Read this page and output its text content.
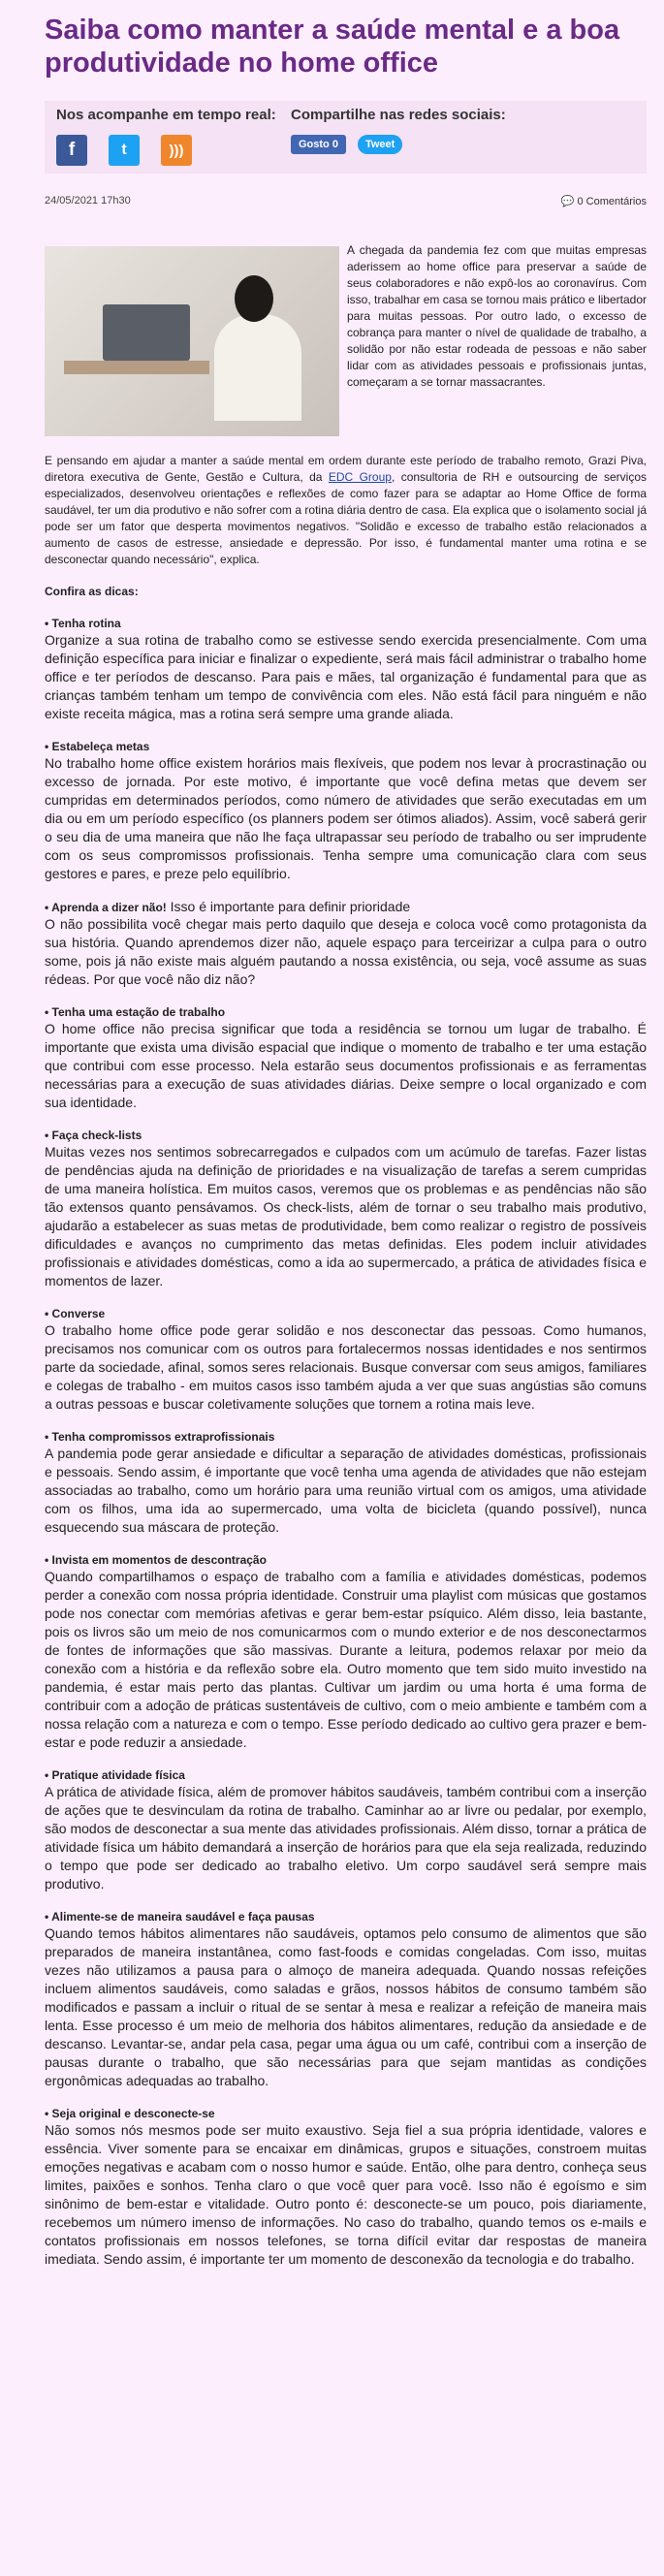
Saiba como manter a saúde mental e a boa produtividade no home office
Nos acompanhe em tempo real:
f	t	)))
Compartilhe nas redes sociais:
Gosto 0	Tweet
24/05/2021 17h30	💬 0 Comentários

A chegada da pandemia fez com que muitas empresas aderissem ao home office para preservar a saúde de seus colaboradores e não expô-los ao coronavírus. Com isso, trabalhar em casa se tornou mais prático e libertador para muitas pessoas. Por outro lado, o excesso de cobrança para manter o nível de qualidade de trabalho, a solidão por não estar rodeada de pessoas e não saber lidar com as atividades pessoais e profissionais juntas, começaram a se tornar massacrantes.

E pensando em ajudar a manter a saúde mental em ordem durante este período de trabalho remoto, Grazi Piva, diretora executiva de Gente, Gestão e Cultura, da EDC Group, consultoria de RH e outsourcing de serviços especializados, desenvolveu orientações e reflexões de como fazer para se adaptar ao Home Office de forma saudável, ter um dia produtivo e não sofrer com a rotina diária dentro de casa. Ela explica que o isolamento social já pode ser um fator que desperta movimentos negativos. "Solidão e excesso de trabalho estão relacionados a aumento de casos de estresse, ansiedade e depressão. Por isso, é fundamental manter uma rotina e se desconectar quando necessário", explica.

Confira as dicas:

• Tenha rotina
Organize a sua rotina de trabalho como se estivesse sendo exercida presencialmente. Com uma definição específica para iniciar e finalizar o expediente, será mais fácil administrar o trabalho home office e ter períodos de descanso. Para pais e mães, tal organização é fundamental para que as crianças também tenham um tempo de convivência com eles. Não está fácil para ninguém e não existe receita mágica, mas a rotina será sempre uma grande aliada.
• Estabeleça metas
No trabalho home office existem horários mais flexíveis, que podem nos levar à procrastinação ou excesso de jornada. Por este motivo, é importante que você defina metas que devem ser cumpridas em determinados períodos, como número de atividades que serão executadas em um dia ou em um período específico (os planners podem ser ótimos aliados). Assim, você saberá gerir o seu dia de uma maneira que não lhe faça ultrapassar seu período de trabalho ou ser imprudente com os seus compromissos profissionais. Tenha sempre uma comunicação clara com seus gestores e pares, e preze pelo equilíbrio.
• Aprenda a dizer não! Isso é importante para definir prioridade
O não possibilita você chegar mais perto daquilo que deseja e coloca você como protagonista da sua história. Quando aprendemos dizer não, aquele espaço para terceirizar a culpa para o outro some, pois já não existe mais alguém pautando a nossa existência, ou seja, você assume as suas rédeas. Por que você não diz não?
• Tenha uma estação de trabalho
O home office não precisa significar que toda a residência se tornou um lugar de trabalho. É importante que exista uma divisão espacial que indique o momento de trabalho e ter uma estação que contribui com esse processo. Nela estarão seus documentos profissionais e as ferramentas necessárias para a execução de suas atividades diárias. Deixe sempre o local organizado e com sua identidade.
• Faça check-lists
Muitas vezes nos sentimos sobrecarregados e culpados com um acúmulo de tarefas. Fazer listas de pendências ajuda na definição de prioridades e na visualização de tarefas a serem cumpridas de uma maneira holística. Em muitos casos, veremos que os problemas e as pendências não são tão extensos quanto pensávamos. Os check-lists, além de tornar o seu trabalho mais produtivo, ajudarão a estabelecer as suas metas de produtividade, bem como realizar o registro de possíveis dificuldades e avanços no cumprimento das metas definidas. Eles podem incluir atividades profissionais e atividades domésticas, como a ida ao supermercado, a prática de atividades física e momentos de lazer.
• Converse
O trabalho home office pode gerar solidão e nos desconectar das pessoas. Como humanos, precisamos nos comunicar com os outros para fortalecermos nossas identidades e nos sentirmos parte da sociedade, afinal, somos seres relacionais. Busque conversar com seus amigos, familiares e colegas de trabalho - em muitos casos isso também ajuda a ver que suas angústias são comuns a outras pessoas e buscar coletivamente soluções que tornem a rotina mais leve.
• Tenha compromissos extraprofissionais
A pandemia pode gerar ansiedade e dificultar a separação de atividades domésticas, profissionais e pessoais. Sendo assim, é importante que você tenha uma agenda de atividades que não estejam associadas ao trabalho, como um horário para uma reunião virtual com os amigos, uma atividade com os filhos, uma ida ao supermercado, uma volta de bicicleta (quando possível), nunca esquecendo sua máscara de proteção.
• Invista em momentos de descontração
Quando compartilhamos o espaço de trabalho com a família e atividades domésticas, podemos perder a conexão com nossa própria identidade. Construir uma playlist com músicas que gostamos pode nos conectar com memórias afetivas e gerar bem-estar psíquico. Além disso, leia bastante, pois os livros são um meio de nos comunicarmos com o mundo exterior e de nos desconectarmos de fontes de informações que são massivas. Durante a leitura, podemos relaxar por meio da conexão com a história e da reflexão sobre ela. Outro momento que tem sido muito investido na pandemia, é estar mais perto das plantas. Cultivar um jardim ou uma horta é uma forma de contribuir com a adoção de práticas sustentáveis de cultivo, com o meio ambiente e também com a nossa relação com a natureza e com o tempo. Esse período dedicado ao cultivo gera prazer e bem-estar e pode reduzir a ansiedade.
• Pratique atividade física
A prática de atividade física, além de promover hábitos saudáveis, também contribui com a inserção de ações que te desvinculam da rotina de trabalho. Caminhar ao ar livre ou pedalar, por exemplo, são modos de desconectar a sua mente das atividades profissionais. Além disso, tornar a prática de atividade física um hábito demandará a inserção de horários para que ela seja realizada, reduzindo o tempo que pode ser dedicado ao trabalho eletivo. Um corpo saudável será sempre mais produtivo.
• Alimente-se de maneira saudável e faça pausas
Quando temos hábitos alimentares não saudáveis, optamos pelo consumo de alimentos que são preparados de maneira instantânea, como fast-foods e comidas congeladas. Com isso, muitas vezes não utilizamos a pausa para o almoço de maneira adequada. Quando nossas refeições incluem alimentos saudáveis, como saladas e grãos, nossos hábitos de consumo também são modificados e passam a incluir o ritual de se sentar à mesa e realizar a refeição de maneira mais lenta. Esse processo é um meio de melhoria dos hábitos alimentares, redução da ansiedade e de descanso. Levantar-se, andar pela casa, pegar uma água ou um café, contribui com a inserção de pausas durante o trabalho, que são necessárias para que sejam mantidas as condições ergonômicas adequadas ao trabalho.
• Seja original e desconecte-se
Não somos nós mesmos pode ser muito exaustivo. Seja fiel a sua própria identidade, valores e essência. Viver somente para se encaixar em dinâmicas, grupos e situações, constroem muitas emoções negativas e acabam com o nosso humor e saúde. Então, olhe para dentro, conheça seus limites, paixões e sonhos. Tenha claro o que você quer para você. Isso não é egoísmo e sim sinônimo de bem-estar e vitalidade. Outro ponto é: desconecte-se um pouco, pois diariamente, recebemos um número imenso de informações. No caso do trabalho, quando temos os e-mails e contatos profissionais em nossos telefones, se torna difícil evitar dar respostas de maneira imediata. Sendo assim, é importante ter um momento de desconexão da tecnologia e do trabalho.
